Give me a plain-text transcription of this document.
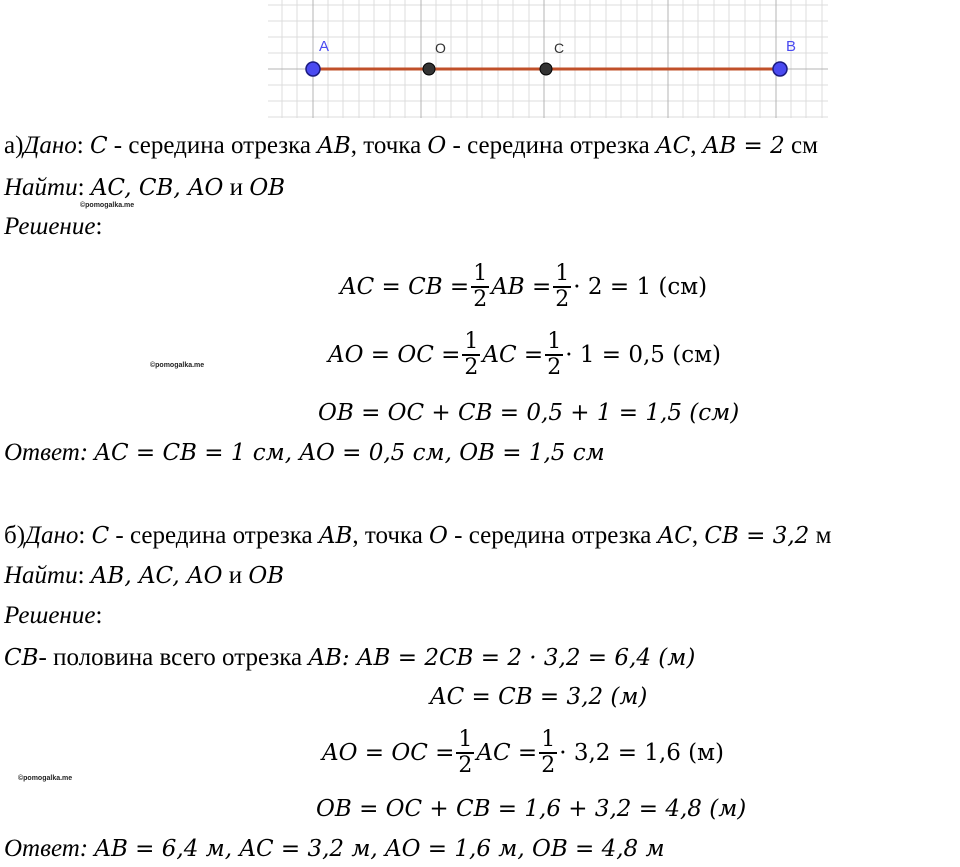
A	O	C	B
а)Дано: C - середина отрезка AB, точка O - середина отрезка AC, AB = 2 см
Найти: AC, CB, AO и OB
©pomogalka.me
Решение:
AC = CB = $\frac{1}{2}$ AB = $\frac{1}{2} \cdot 2 = 1$ (см)
©pomogalka.me	AO = OC = $\frac{1}{2}$ AC = $\frac{1}{2} \cdot 1 = 0,5$ (см)
OB = OC + CB = 0,5 + 1 = 1,5 (см)
Ответ: AC = CB = 1 см, AO = 0,5 см, OB = 1,5 см
б)Дано: C - середина отрезка AB, точка O - середина отрезка AC, CB = 3,2 м
Найти: AB, AC, AO и OB
Решение:
CB- половина всего отрезка AB: AB = 2CB = 2 · 3,2 = 6,4 (м)
AC = CB = 3,2 (м)
AO = OC = $\frac{1}{2}$ AC = $\frac{1}{2} \cdot 3,2 = 1,6$ (м)
©pomogalka.me
OB = OC + CB = 1,6 + 3,2 = 4,8 (м)
Ответ: AB = 6,4 м, AC = 3,2 м, AO = 1,6 м, OB = 4,8 м
